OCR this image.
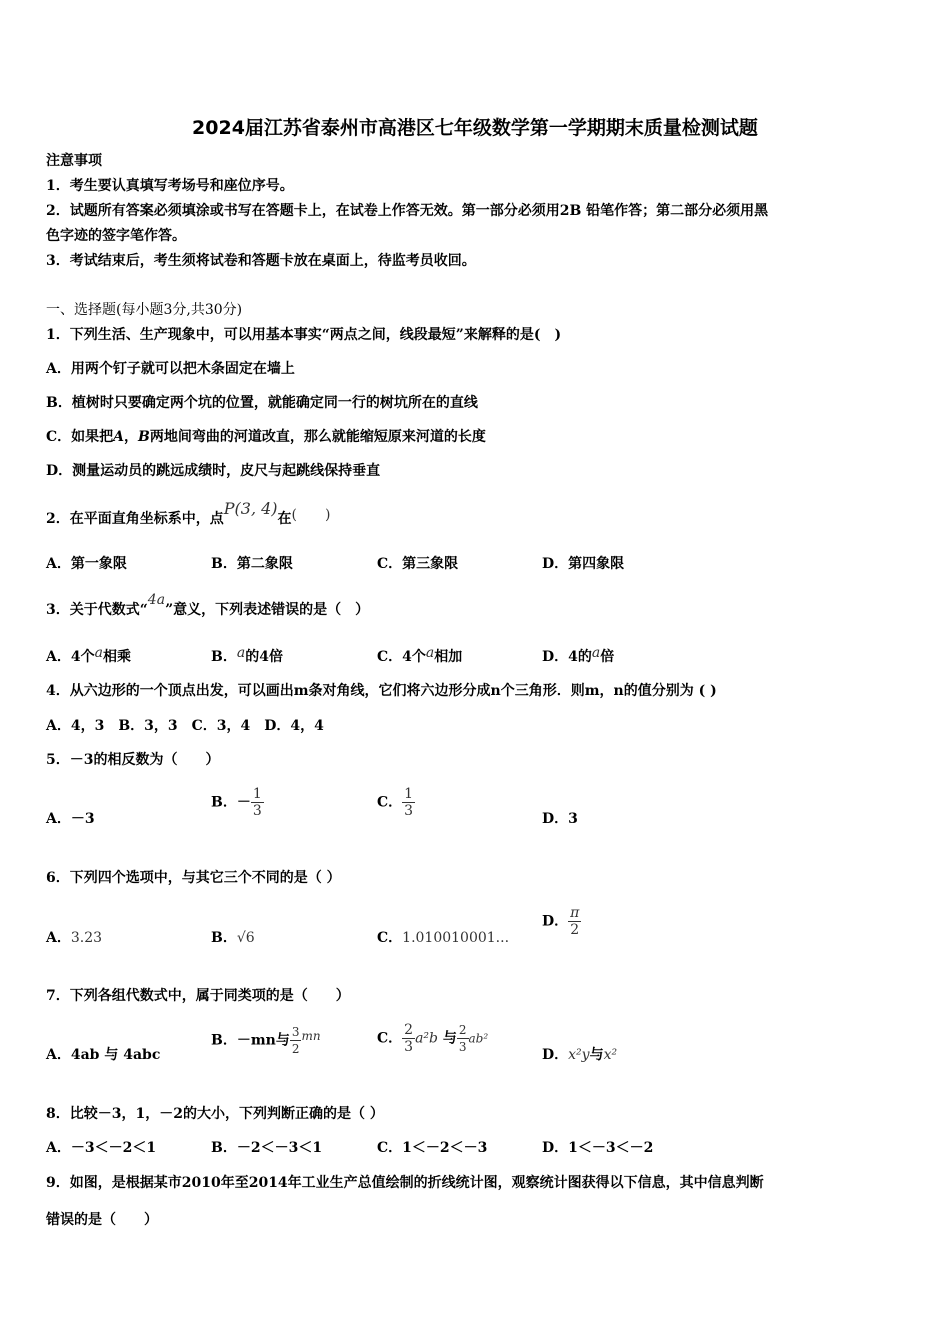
2024届江苏省泰州市高港区七年级数学第一学期期末质量检测试题
注意事项
1．考生要认真填写考场号和座位序号。
2．试题所有答案必须填涂或书写在答题卡上，在试卷上作答无效。第一部分必须用2B 铅笔作答；第二部分必须用黑
色字迹的签字笔作答。
3．考试结束后，考生须将试卷和答题卡放在桌面上，待监考员收回。
一、选择题(每小题3分,共30分)
1．下列生活、生产现象中，可以用基本事实“两点之间，线段最短”来解释的是(　)
A．用两个钉子就可以把木条固定在墙上
B．植树时只要确定两个坑的位置，就能确定同一行的树坑所在的直线
C．如果把A，B两地间弯曲的河道改直，那么就能缩短原来河道的长度
D．测量运动员的跳远成绩时，皮尺与起跳线保持垂直
2．在平面直角坐标系中，点P(3, 4)在(　　)
A．第一象限	B．第二象限	C．第三象限	D．第四象限
3．关于代数式“4a”意义，下列表述错误的是（　）
A．4个a相乘	B．a的4倍	C．4个a相加	D．4的a倍
4．从六边形的一个顶点出发，可以画出m条对角线，它们将六边形分成n个三角形．则m，n的值分别为 ( )
A．4，3　B．3，3　C．3，4　D．4，4
5．－3的相反数为（　　）
A．－3
B．－ $\frac{1}{3}$	C． $\frac{1}{3}$	D．3
6．下列四个选项中，与其它三个不同的是（ ）
A．3.23	B．√6	C．1.010010001...
D． $\frac{\pi}{2}$
7．下列各组代数式中，属于同类项的是（　　）
A．4ab 与 4abc
B．－mn与 $\frac{3}{2}$ mn	C． $\frac{2}{3} a^2b$ 与 $\frac{2}{3} ab^2$
D．x²y与x²
8．比较－3，1，－2的大小，下列判断正确的是（ ）
A．－3＜－2＜1	B．－2＜－3＜1	C．1＜－2＜－3	D．1＜－3＜－2
9．如图，是根据某市2010年至2014年工业生产总值绘制的折线统计图，观察统计图获得以下信息，其中信息判断
错误的是（　　）
